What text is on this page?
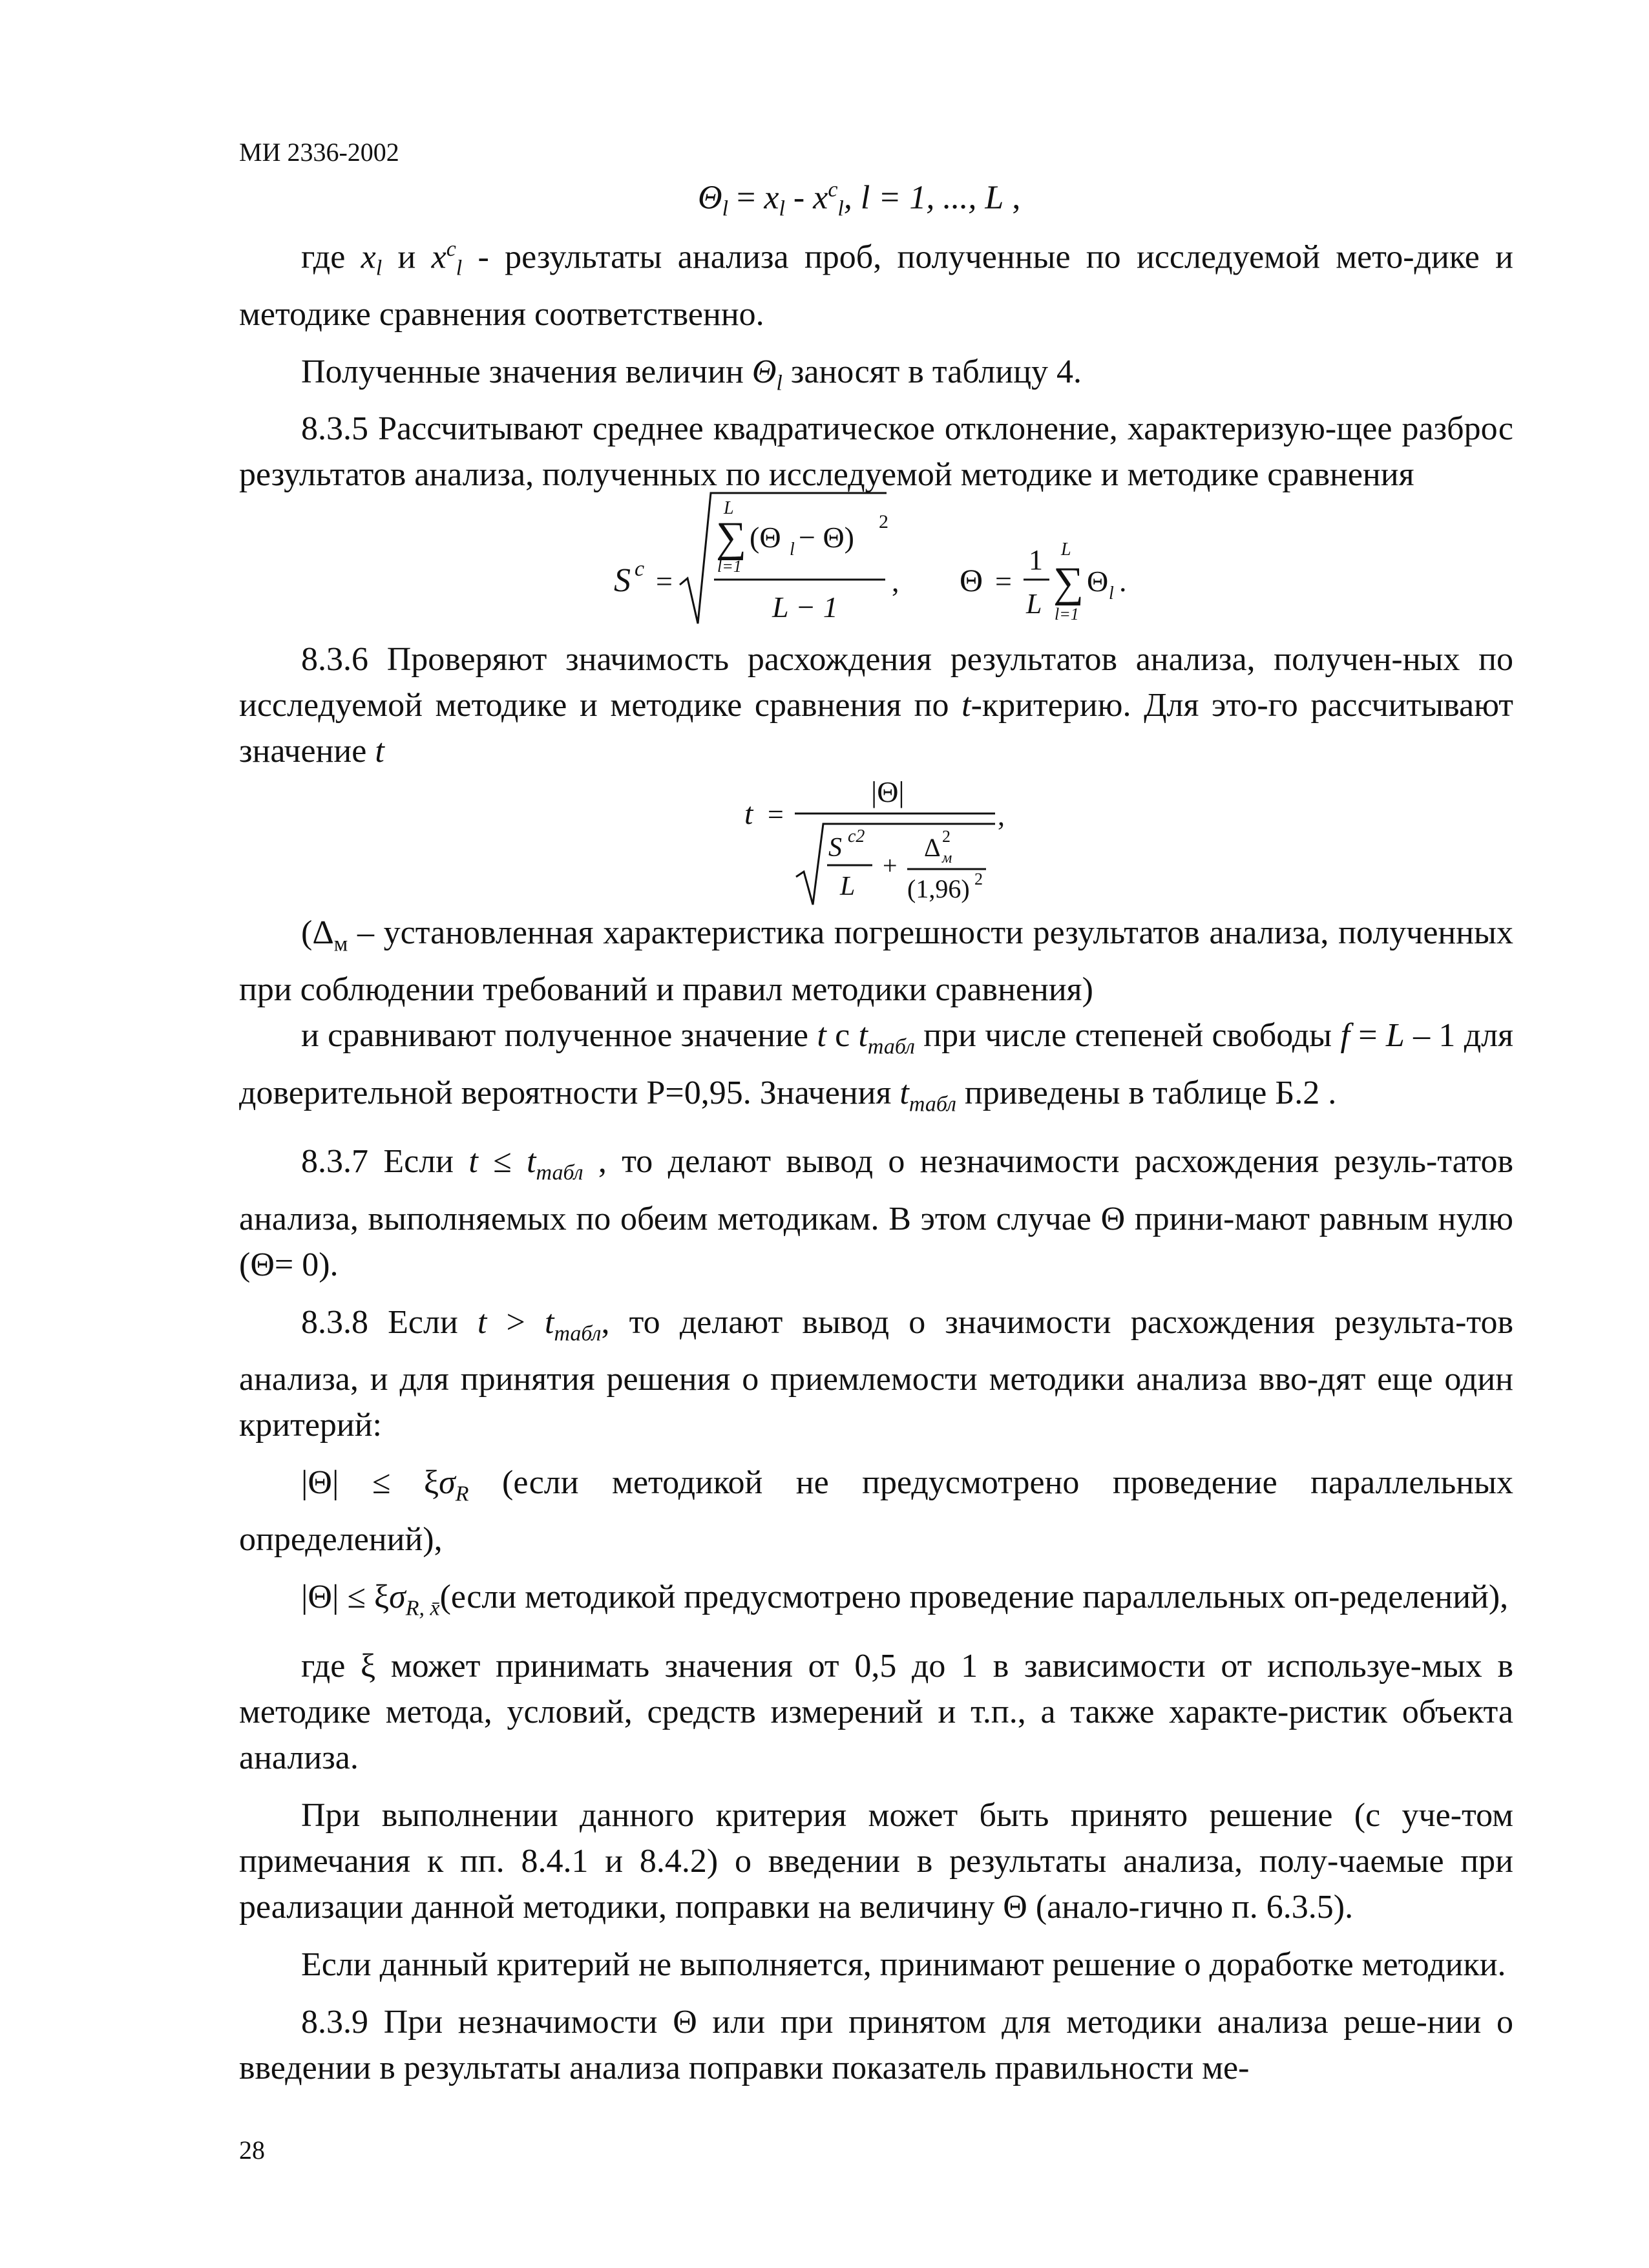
МИ 2336-2002
$\Theta_l = x_l - x^c_l$, l = 1, ..., L ,

где $x_l$ и $x^c_l$ - результаты анализа проб, полученные по исследуемой мето-дике и методике сравнения соответственно.

Полученные значения величин $\Theta_l$ заносят в таблицу 4.

8.3.5 Рассчитывают среднее квадратическое отклонение, характеризую-щее разброс результатов анализа, полученных по исследуемой методике и методике сравнения

S c =
L
∑
l=1
(Θ l − Θ) 2
L − 1
, Θ =
1
L
L
∑
l=1
Θ l .

8.3.6 Проверяют значимость расхождения результатов анализа, получен-ных по исследуемой методике и методике сравнения по t-критерию. Для это-го рассчитывают значение t

t =
|Θ|
S c2
L
+
Δ 2
м
(1,96) 2
,

($\Delta_м$ – установленная характеристика погрешности результатов анализа, полученных при соблюдении требований и правил методики сравнения)

и сравнивают полученное значение t с $t_{табл}$ при числе степеней свободы f = L – 1 для доверительной вероятности Р=0,95. Значения $t_{табл}$ приведены в таблице Б.2 .

8.3.7 Если $t \le t_{табл}$ , то делают вывод о незначимости расхождения резуль-татов анализа, выполняемых по обеим методикам. В этом случае Θ прини-мают равным нулю (Θ= 0).

8.3.8 Если $t > t_{табл}$, то делают вывод о значимости расхождения результа-тов анализа, и для принятия решения о приемлемости методики анализа вво-дят еще один критерий:

$|\Theta| \le \xi\sigma_R$ (если методикой не предусмотрено проведение параллельных определений),

$|\Theta| \le \xi\sigma_{R, x̄}(если$ методикой предусмотрено проведение параллельных оп-ределений),

где ξ может принимать значения от 0,5 до 1 в зависимости от используе-мых в методике метода, условий, средств измерений и т.п., а также характе-ристик объекта анализа.

При выполнении данного критерия может быть принято решение (с уче-том примечания к пп. 8.4.1 и 8.4.2) о введении в результаты анализа, полу-чаемые при реализации данной методики, поправки на величину Θ (анало-гично п. 6.3.5).

Если данный критерий не выполняется, принимают решение о доработке методики.

8.3.9 При незначимости Θ или при принятом для методики анализа реше-нии о введении в результаты анализа поправки показатель правильности ме-

28
